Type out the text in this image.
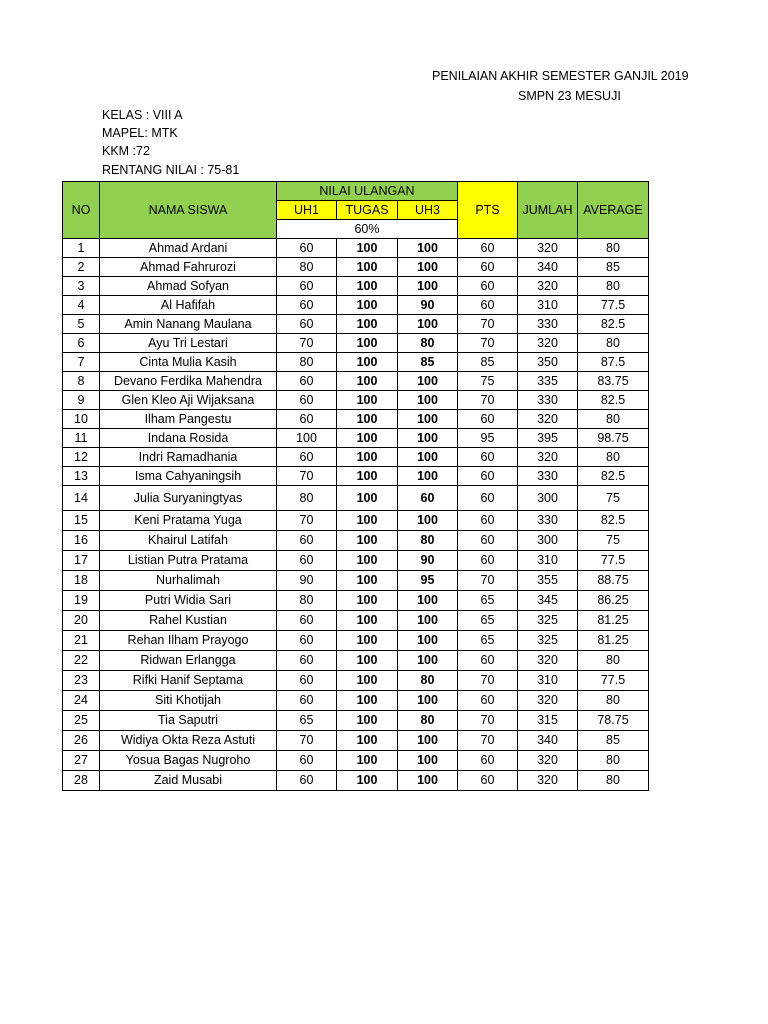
PENILAIAN AKHIR SEMESTER GANJIL 2019
SMPN 23 MESUJI
KELAS : VIII A
MAPEL: MTK
KKM :72
RENTANG NILAI : 75-81
NO	NAMA SISWA	NILAI ULANGAN			PTS	JUMLAH	AVERAGE
		UH1	TUGAS	UH3			
		60%					
1	Ahmad Ardani	60	100	100	60	320	80
2	Ahmad Fahrurozi	80	100	100	60	340	85
3	Ahmad Sofyan	60	100	100	60	320	80
4	Al Hafifah	60	100	90	60	310	77.5
5	Amin Nanang Maulana	60	100	100	70	330	82.5
6	Ayu Tri Lestari	70	100	80	70	320	80
7	Cinta Mulia Kasih	80	100	85	85	350	87.5
8	Devano Ferdika Mahendra	60	100	100	75	335	83.75
9	Glen Kleo Aji Wijaksana	60	100	100	70	330	82.5
10	Ilham Pangestu	60	100	100	60	320	80
11	Indana Rosida	100	100	100	95	395	98.75
12	Indri Ramadhania	60	100	100	60	320	80
13	Isma Cahyaningsih	70	100	100	60	330	82.5
14	Julia Suryaningtyas	80	100	60	60	300	75
15	Keni Pratama Yuga	70	100	100	60	330	82.5
16	Khairul Latifah	60	100	80	60	300	75
17	Listian Putra Pratama	60	100	90	60	310	77.5
18	Nurhalimah	90	100	95	70	355	88.75
19	Putri Widia Sari	80	100	100	65	345	86.25
20	Rahel Kustian	60	100	100	65	325	81.25
21	Rehan Ilham Prayogo	60	100	100	65	325	81.25
22	Ridwan Erlangga	60	100	100	60	320	80
23	Rifki Hanif Septama	60	100	80	70	310	77.5
24	Siti Khotijah	60	100	100	60	320	80
25	Tia Saputri	65	100	80	70	315	78.75
26	Widiya Okta Reza Astuti	70	100	100	70	340	85
27	Yosua Bagas Nugroho	60	100	100	60	320	80
28	Zaid Musabi	60	100	100	60	320	80
